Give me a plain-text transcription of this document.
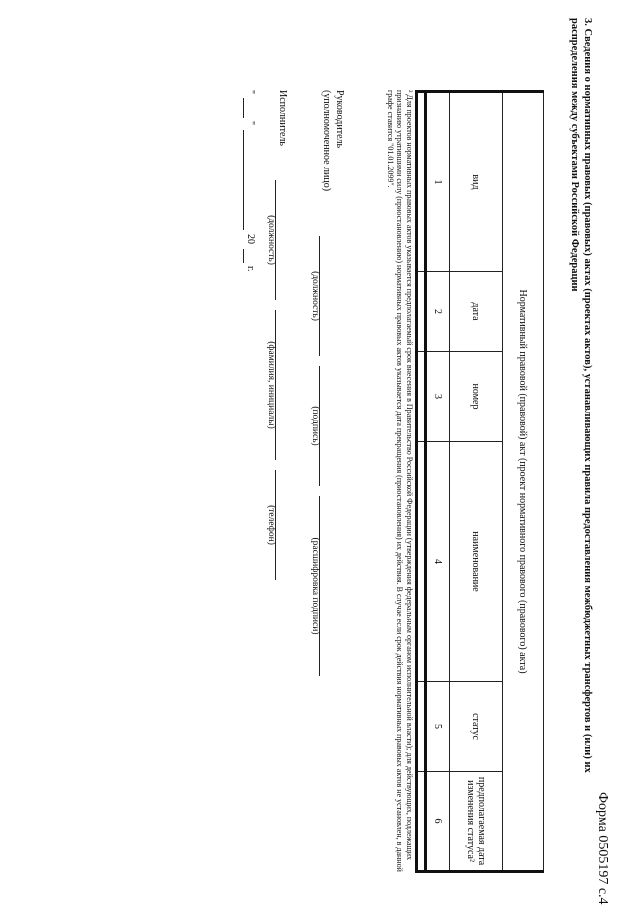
Форма 0505197 с.4
3. Сведения о нормативных правовых (правовых) актах (проектах актов), устанавливающих правила предоставления межбюджетных трансфертов и (или) их распределения между субъектами Российской Федерации
Нормативный правовой (правовой) акт (проект нормативного правового (правового) акта)					
вид	дата	номер	наименование	статус	предполагаемая дата изменения статуса²
1	2	3	4	5	6

² Для проектов нормативных правовых актов указывается предполагаемый срок внесения в Правительство Российской Федерации (утверждения федеральным органом исполнительной власти); для действующих, подлежащих признанию утратившими силу (приостановлению) нормативных правовых актов указывается дата прекращения (приостановления) их действия. В случае если срок действия нормативных правовых актов не установлен, в данной графе ставится "01.01.2099".
Руководитель
(уполномоченное лицо)
(должность)
(подпись)
(расшифровка подписи)
Исполнитель
(должность)
(фамилия, инициалы)
(телефон)
"
"
20
г.
